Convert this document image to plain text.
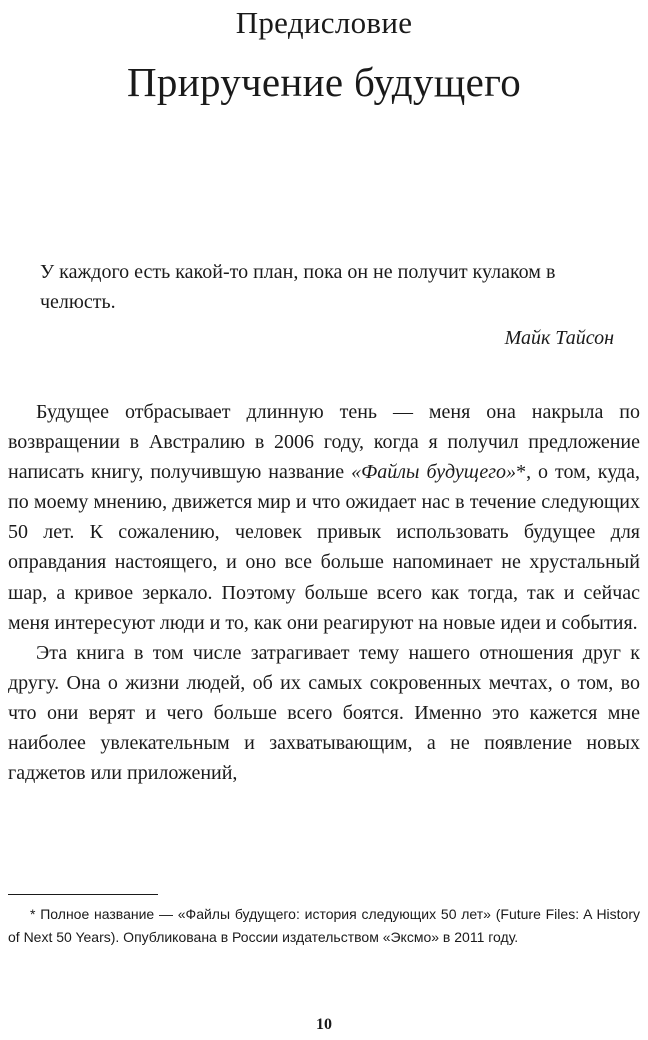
Предисловие
Приручение будущего
У каждого есть какой-то план, пока он не получит кулаком в челюсть.
Майк Тайсон

Будущее отбрасывает длинную тень — меня она накрыла по возвращении в Австралию в 2006 году, когда я получил предложение написать книгу, получившую название «Файлы будущего»*, о том, куда, по моему мнению, движется мир и что ожидает нас в течение следующих 50 лет. К сожалению, человек привык использовать будущее для оправдания настоящего, и оно все больше напоминает не хрустальный шар, а кривое зеркало. Поэтому больше всего как тогда, так и сейчас меня интересуют люди и то, как они реагируют на новые идеи и события.

Эта книга в том числе затрагивает тему нашего отношения друг к другу. Она о жизни людей, об их самых сокровенных мечтах, о том, во что они верят и чего больше всего боятся. Именно это кажется мне наиболее увлекательным и захватывающим, а не появление новых гаджетов или приложений,

* Полное название — «Файлы будущего: история следующих 50 лет» (Future Files: A History of Next 50 Years). Опубликована в России издательством «Эксмо» в 2011 году.
10
